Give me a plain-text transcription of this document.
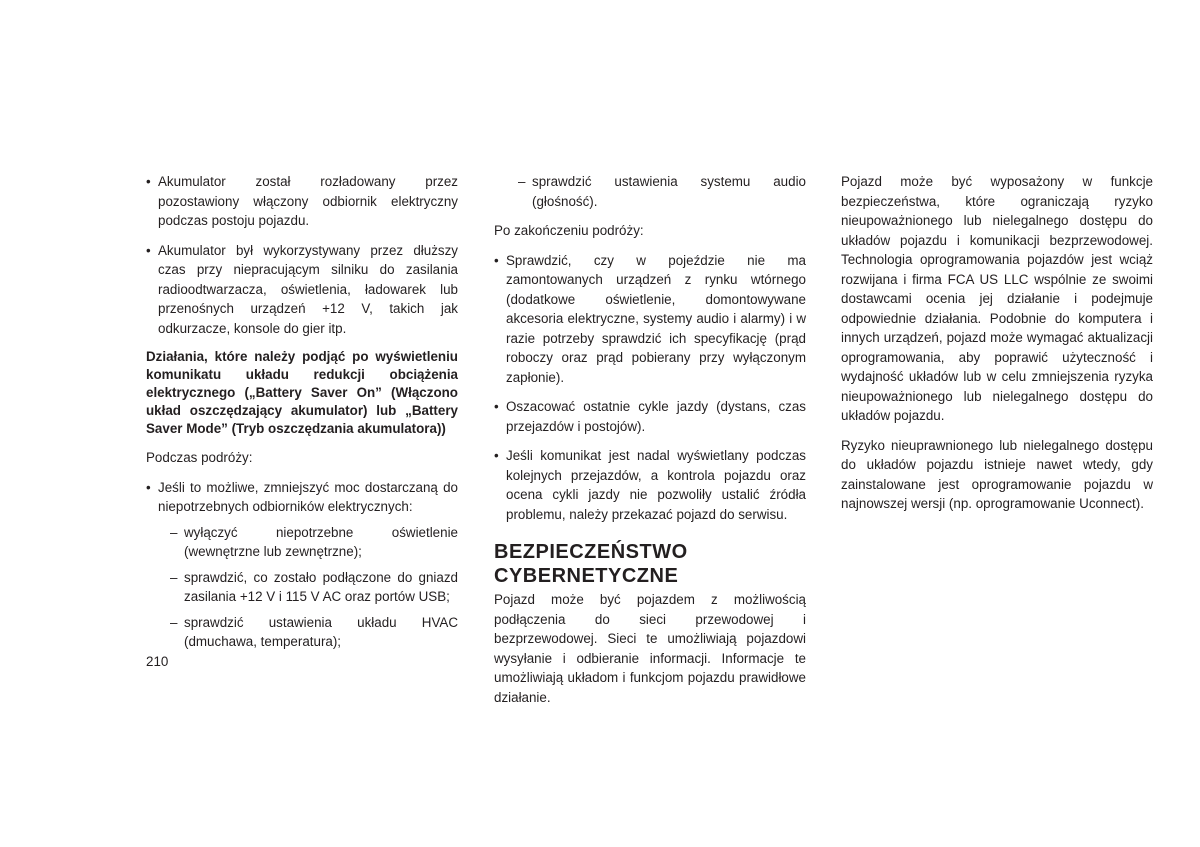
• Akumulator został rozładowany przez pozostawiony włączony odbiornik elektryczny podczas postoju pojazdu.

• Akumulator był wykorzystywany przez dłuższy czas przy niepracującym silniku do zasilania radioodtwarzacza, oświetlenia, ładowarek lub przenośnych urządzeń +12 V, takich jak odkurzacze, konsole do gier itp.

Działania, które należy podjąć po wyświetleniu komunikatu układu redukcji obciążenia elektrycznego („Battery Saver On” (Włączono układ oszczędzający akumulator) lub „Battery Saver Mode” (Tryb oszczędzania akumulatora))

Podczas podróży:

• Jeśli to możliwe, zmniejszyć moc dostarczaną do niepotrzebnych odbiorników elektrycznych:

– wyłączyć niepotrzebne oświetlenie (wewnętrzne lub zewnętrzne);

– sprawdzić, co zostało podłączone do gniazd zasilania +12 V i 115 V AC oraz portów USB;

– sprawdzić ustawienia układu HVAC (dmuchawa, temperatura);

– sprawdzić ustawienia systemu audio (głośność).

Po zakończeniu podróży:

• Sprawdzić, czy w pojeździe nie ma zamontowanych urządzeń z rynku wtórnego (dodatkowe oświetlenie, domontowywane akcesoria elektryczne, systemy audio i alarmy) i w razie potrzeby sprawdzić ich specyfikację (prąd roboczy oraz prąd pobierany przy wyłączonym zapłonie).

• Oszacować ostatnie cykle jazdy (dystans, czas przejazdów i postojów).

• Jeśli komunikat jest nadal wyświetlany podczas kolejnych przejazdów, a kontrola pojazdu oraz ocena cykli jazdy nie pozwoliły ustalić źródła problemu, należy przekazać pojazd do serwisu.

BEZPIECZEŃSTWO
CYBERNETYCZNE

Pojazd może być pojazdem z możliwością podłączenia do sieci przewodowej i bezprzewodowej. Sieci te umożliwiają pojazdowi wysyłanie i odbieranie informacji. Informacje te umożliwiają układom i funkcjom pojazdu prawidłowe działanie.

Pojazd może być wyposażony w funkcje bezpieczeństwa, które ograniczają ryzyko nieupoważnionego lub nielegalnego dostępu do układów pojazdu i komunikacji bezprzewodowej. Technologia oprogramowania pojazdów jest wciąż rozwijana i firma FCA US LLC wspólnie ze swoimi dostawcami ocenia jej działanie i podejmuje odpowiednie działania. Podobnie do komputera i innych urządzeń, pojazd może wymagać aktualizacji oprogramowania, aby poprawić użyteczność i wydajność układów lub w celu zmniejszenia ryzyka nieupoważnionego lub nielegalnego dostępu do układów pojazdu.

Ryzyko nieuprawnionego lub nielegalnego dostępu do układów pojazdu istnieje nawet wtedy, gdy zainstalowane jest oprogramowanie pojazdu w najnowszej wersji (np. oprogramowanie Uconnect).

210
